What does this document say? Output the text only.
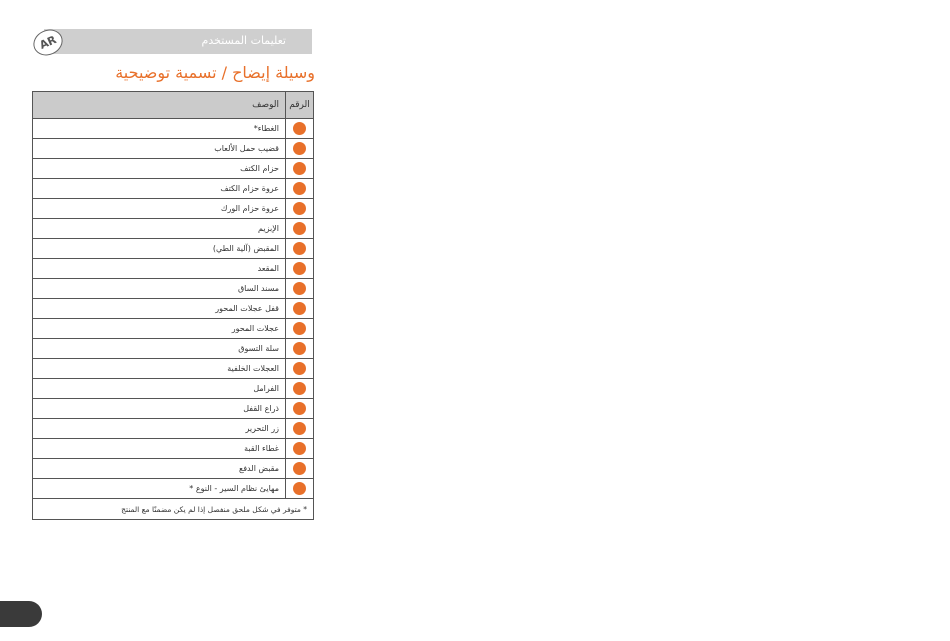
تعليمات المستخدم
AR
وسيلة إيضاح / تسمية توضيحية
الرقم	الوصف
	الغطاء*
	قضيب حمل الألعاب
	حزام الكتف
	عروة حزام الكتف
	عروة حزام الورك
	الإبزيم
	المقبض (آلية الطي)
	المقعد
	مسند الساق
	قفل عجلات المحور
	عجلات المحور
	سلة التسوق
	العجلات الخلفية
	الفرامل
	ذراع القفل
	زر التحرير
	غطاء القبة
	مقبض الدفع
	مهايئ نظام السير - النوع *
* متوفر في شكل ملحق منفصل إذا لم يكن مضمنًا مع المنتج	
